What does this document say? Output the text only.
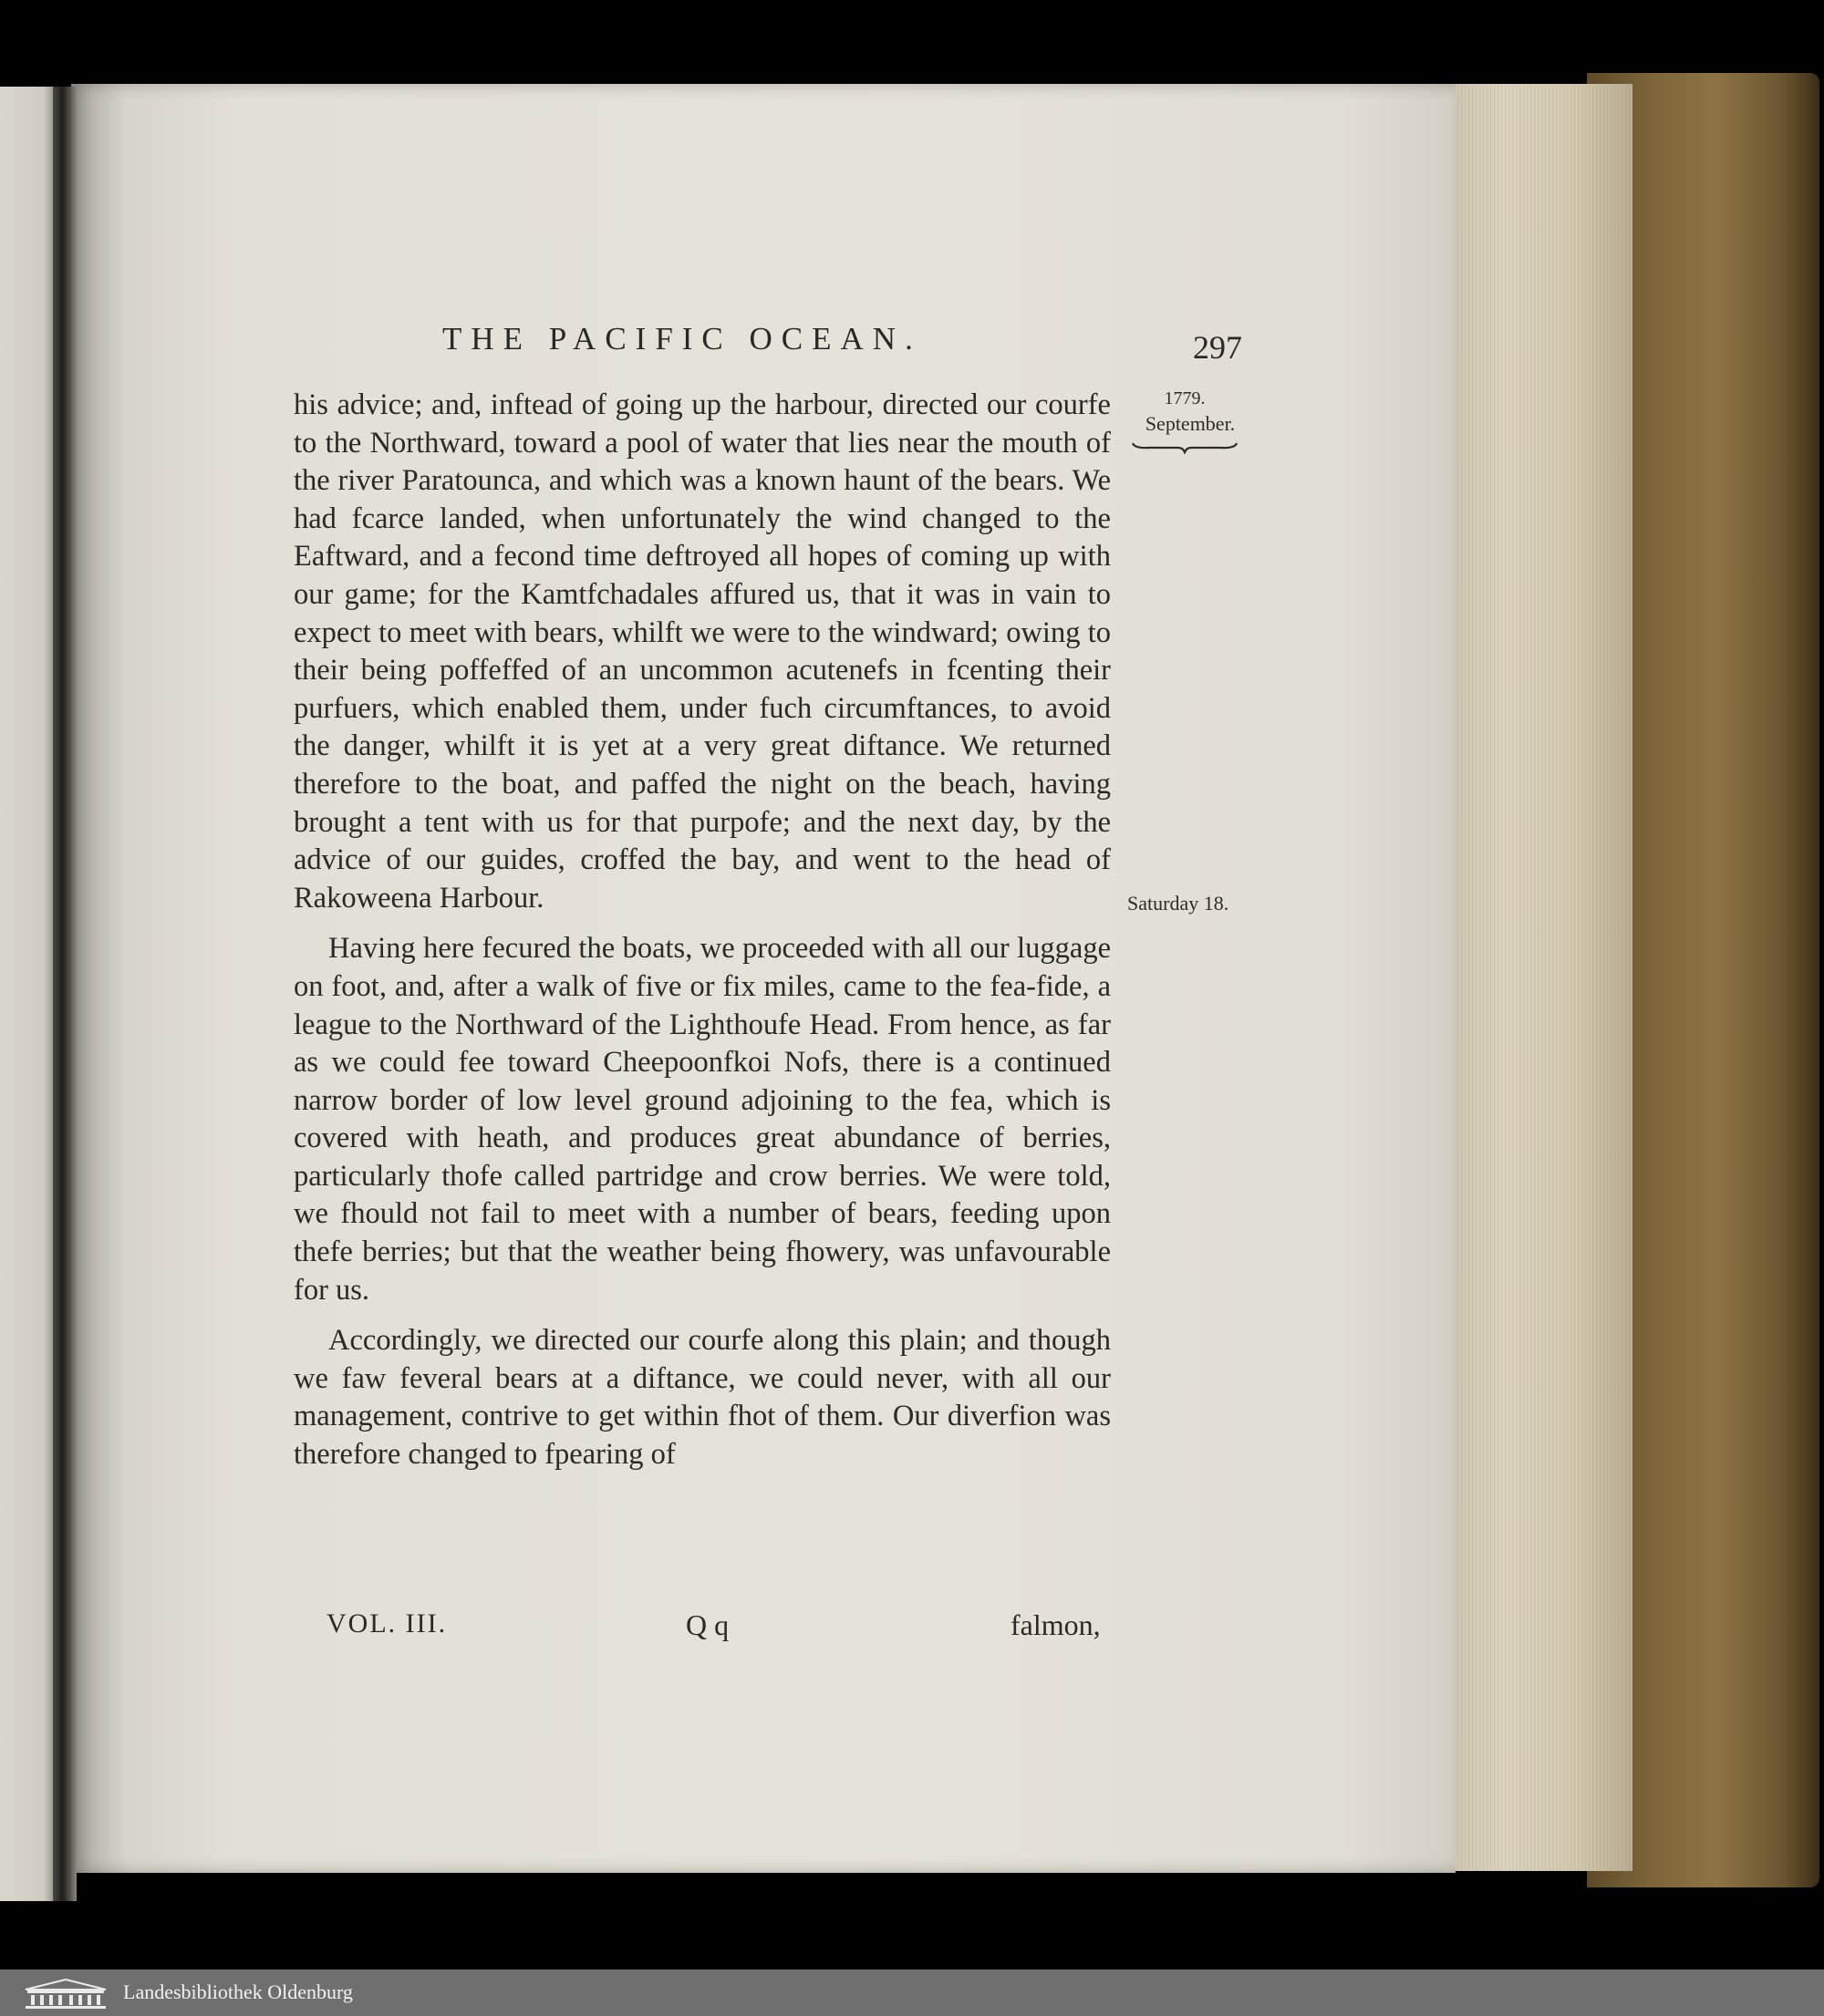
THE PACIFIC OCEAN.	297
1779.
September.
Saturday 18.

his advice; and, inftead of going up the harbour, directed our courfe to the Northward, toward a pool of water that lies near the mouth of the river Paratounca, and which was a known haunt of the bears. We had fcarce landed, when unfortunately the wind changed to the Eaftward, and a fecond time deftroyed all hopes of coming up with our game; for the Kamtfchadales affured us, that it was in vain to expect to meet with bears, whilft we were to the windward; owing to their being poffeffed of an uncommon acutenefs in fcenting their purfuers, which enabled them, under fuch circumftances, to avoid the danger, whilft it is yet at a very great diftance. We returned therefore to the boat, and paffed the night on the beach, having brought a tent with us for that purpofe; and the next day, by the advice of our guides, croffed the bay, and went to the head of Rakoweena Harbour.

Having here fecured the boats, we proceeded with all our luggage on foot, and, after a walk of five or fix miles, came to the fea-fide, a league to the Northward of the Lighthoufe Head. From hence, as far as we could fee toward Cheepoonfkoi Nofs, there is a continued narrow border of low level ground adjoining to the fea, which is covered with heath, and produces great abundance of berries, particularly thofe called partridge and crow berries. We were told, we fhould not fail to meet with a number of bears, feeding upon thefe berries; but that the weather being fhowery, was unfavourable for us.

Accordingly, we directed our courfe along this plain; and though we faw feveral bears at a diftance, we could never, with all our management, contrive to get within fhot of them. Our diverfion was therefore changed to fpearing of

VOL. III.	Q q	falmon,
Landesbibliothek Oldenburg
